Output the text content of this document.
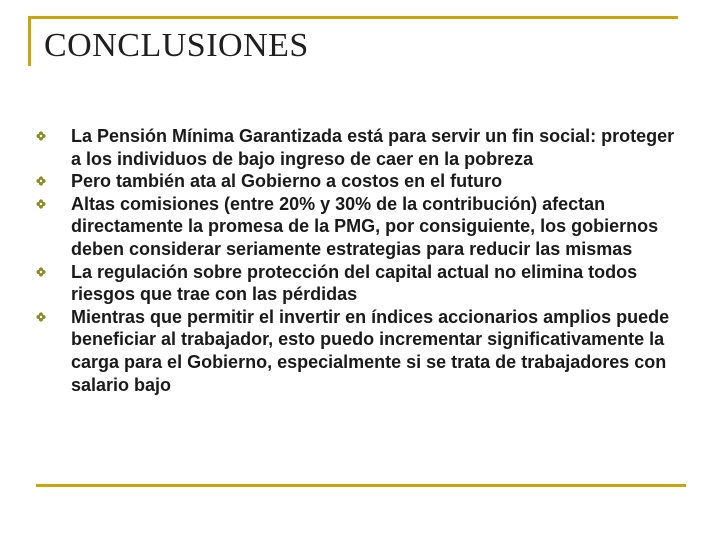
CONCLUSIONES
La Pensión Mínima Garantizada está para servir un fin social: proteger a los individuos de bajo ingreso de caer en la pobreza
Pero también ata al Gobierno a costos en el futuro
Altas comisiones (entre 20% y 30% de la contribución) afectan directamente la promesa de la PMG, por consiguiente, los gobiernos deben considerar seriamente estrategias para reducir las mismas
La regulación sobre protección del capital actual no elimina todos riesgos que trae con las pérdidas
Mientras que permitir el invertir en índices accionarios amplios puede beneficiar al trabajador, esto puedo incrementar significativamente la carga para el Gobierno, especialmente si se trata de trabajadores con salario bajo
